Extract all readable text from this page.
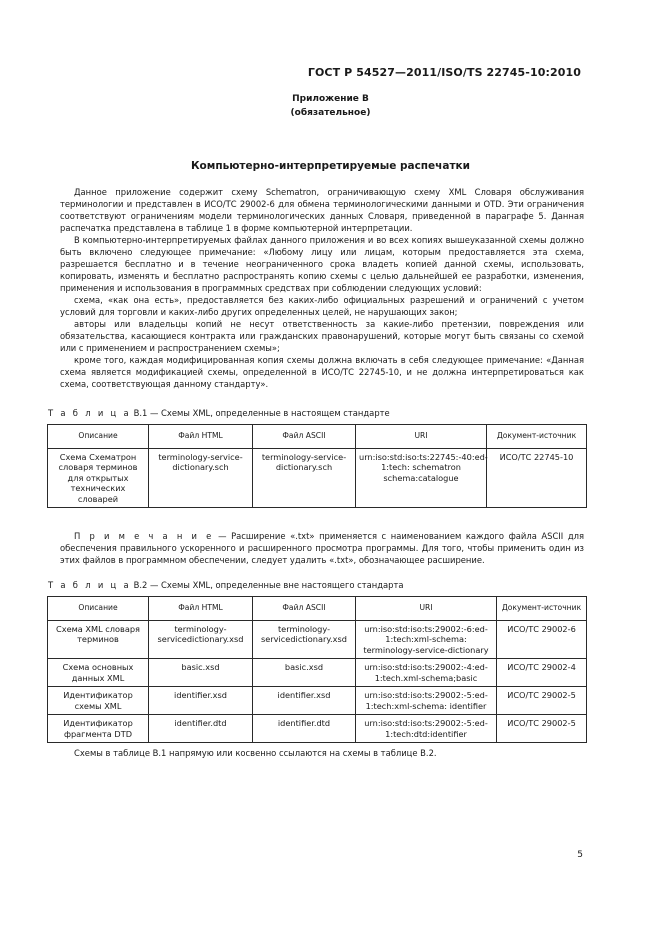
ГОСТ Р 54527—2011/ISO/TS 22745-10:2010
Приложение В
(обязательное)
Компьютерно-интерпретируемые распечатки

Данное приложение содержит схему Schematron, ограничивающую схему XML Словаря обслуживания терминологии и представлен в ИСО/ТС 29002-6 для обмена терминологическими данными и OTD. Эти ограничения соответствуют ограничениям модели терминологических данных Словаря, приведенной в параграфе 5. Данная распечатка представлена в таблице 1 в форме компьютерной интерпретации.

В компьютерно-интерпретируемых файлах данного приложения и во всех копиях вышеуказанной схемы должно быть включено следующее примечание: «Любому лицу или лицам, которым предоставляется эта схема, разрешается бесплатно и в течение неограниченного срока владеть копией данной схемы, использовать, копировать, изменять и бесплатно распространять копию схемы с целью дальнейшей ее разработки, изменения, применения и использования в программных средствах при соблюдении следующих условий:

схема, «как она есть», предоставляется без каких-либо официальных разрешений и ограничений с учетом условий для торговли и каких-либо других определенных целей, не нарушающих закон;

авторы или владельцы копий не несут ответственность за какие-либо претензии, повреждения или обязательства, касающиеся контракта или гражданских правонарушений, которые могут быть связаны со схемой или с применением и распространением схемы»;

кроме того, каждая модифицированная копия схемы должна включать в себя следующее примечание: «Данная схема является модификацией схемы, определенной в ИСО/ТС 22745-10, и не должна интерпретироваться как схема, соответствующая данному стандарту».

Т а б л и ц а В.1 — Схемы XML, определенные в настоящем стандарте
Описание	Файл HTML	Файл ASCII	URI	Документ-источник
Схема Схематрон словаря терминов для открытых технических словарей	terminology-service-dictionary.sch	terminology-service-dictionary.sch	urn:iso:std:iso:ts:22745:-40:ed-1:tech: schematron schema:catalogue	ИСО/ТС 22745-10
П р и м е ч а н и е — Расширение «.txt» применяется с наименованием каждого файла ASCII для обеспечения правильного ускоренного и расширенного просмотра программы. Для того, чтобы применить один из этих файлов в программном обеспечении, следует удалить «.txt», обозначающее расширение.
Т а б л и ц а В.2 — Схемы XML, определенные вне настоящего стандарта
Описание	Файл HTML	Файл ASCII	URI	Документ-источник
Схема XML словаря терминов	terminology-servicedictionary.xsd	terminology-servicedictionary.xsd	urn:iso:std:iso:ts:29002:-6:ed-1:tech:xml-schema: terminology-service-dictionary	ИСО/ТС 29002-6
Схема основных данных XML	basic.xsd	basic.xsd	urn:iso:std:iso:ts:29002:-4:ed-1:tech.xml-schema;basic	ИСО/ТС 29002-4
Идентификатор схемы XML	identifier.xsd	identifier.xsd	urn:iso:std:iso:ts:29002:-5:ed-1:tech:xml-schema: identifier	ИСО/ТС 29002-5
Идентификатор фрагмента DTD	identifier.dtd	identifier.dtd	urn:iso:std:iso:ts:29002:-5:ed-1:tech:dtd:identifier	ИСО/ТС 29002-5
Схемы в таблице В.1 напрямую или косвенно ссылаются на схемы в таблице В.2.
5
